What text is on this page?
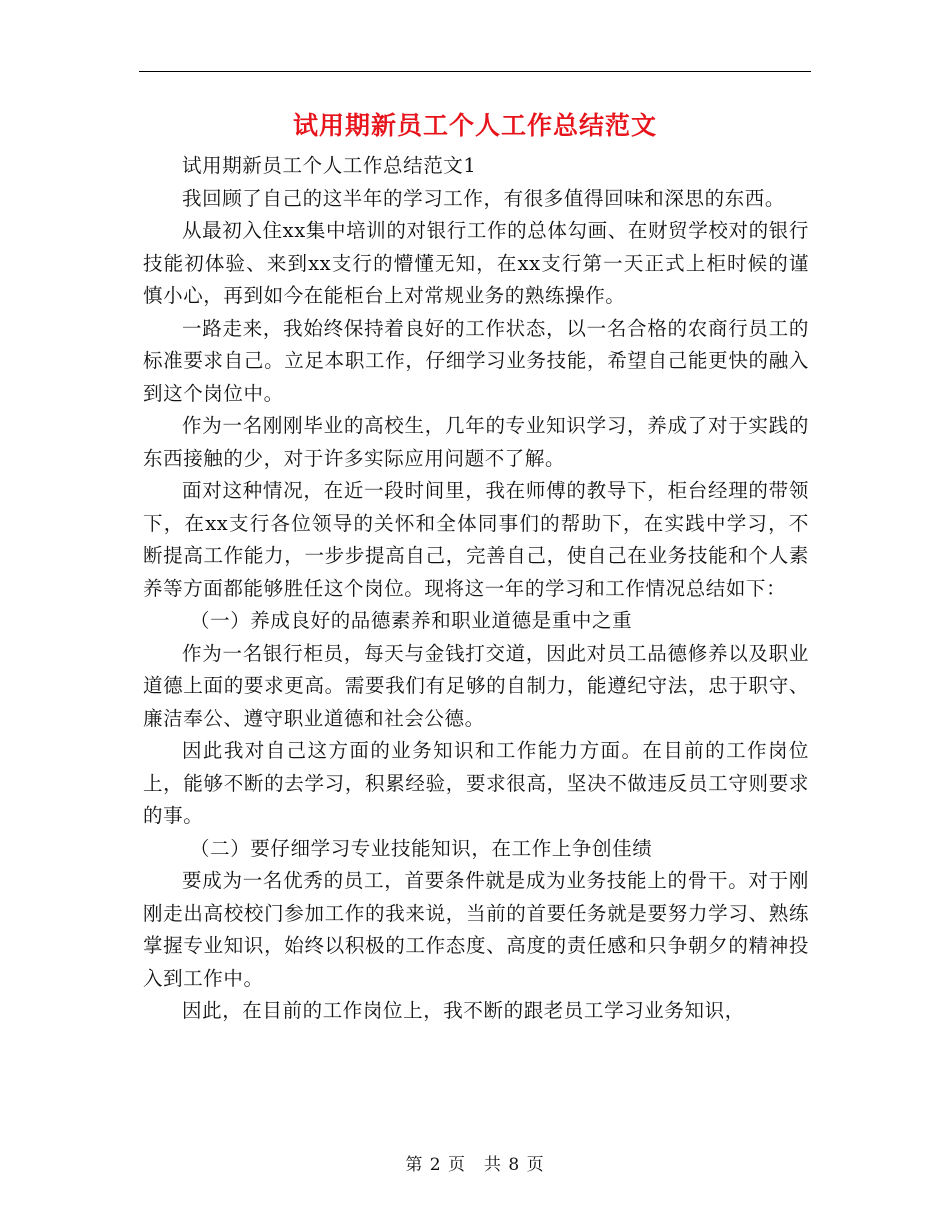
试用期新员工个人工作总结范文

试用期新员工个人工作总结范文1

我回顾了自己的这半年的学习工作，有很多值得回味和深思的东西。

从最初入住xx集中培训的对银行工作的总体勾画、在财贸学校对的银行技能初体验、来到xx支行的懵懂无知，在xx支行第一天正式上柜时候的谨慎小心，再到如今在能柜台上对常规业务的熟练操作。

一路走来，我始终保持着良好的工作状态，以一名合格的农商行员工的标准要求自己。立足本职工作，仔细学习业务技能，希望自己能更快的融入到这个岗位中。

作为一名刚刚毕业的高校生，几年的专业知识学习，养成了对于实践的东西接触的少，对于许多实际应用问题不了解。

面对这种情况，在近一段时间里，我在师傅的教导下，柜台经理的带领下，在xx支行各位领导的关怀和全体同事们的帮助下，在实践中学习，不断提高工作能力，一步步提高自己，完善自己，使自己在业务技能和个人素养等方面都能够胜任这个岗位。现将这一年的学习和工作情况总结如下：

（一）养成良好的品德素养和职业道德是重中之重

作为一名银行柜员，每天与金钱打交道，因此对员工品德修养以及职业道德上面的要求更高。需要我们有足够的自制力，能遵纪守法，忠于职守、廉洁奉公、遵守职业道德和社会公德。

因此我对自己这方面的业务知识和工作能力方面。在目前的工作岗位上，能够不断的去学习，积累经验，要求很高，坚决不做违反员工守则要求的事。

（二）要仔细学习专业技能知识，在工作上争创佳绩

要成为一名优秀的员工，首要条件就是成为业务技能上的骨干。对于刚刚走出高校校门参加工作的我来说，当前的首要任务就是要努力学习、熟练掌握专业知识，始终以积极的工作态度、高度的责任感和只争朝夕的精神投入到工作中。

因此，在目前的工作岗位上，我不断的跟老员工学习业务知识，

第 2 页　共 8 页
